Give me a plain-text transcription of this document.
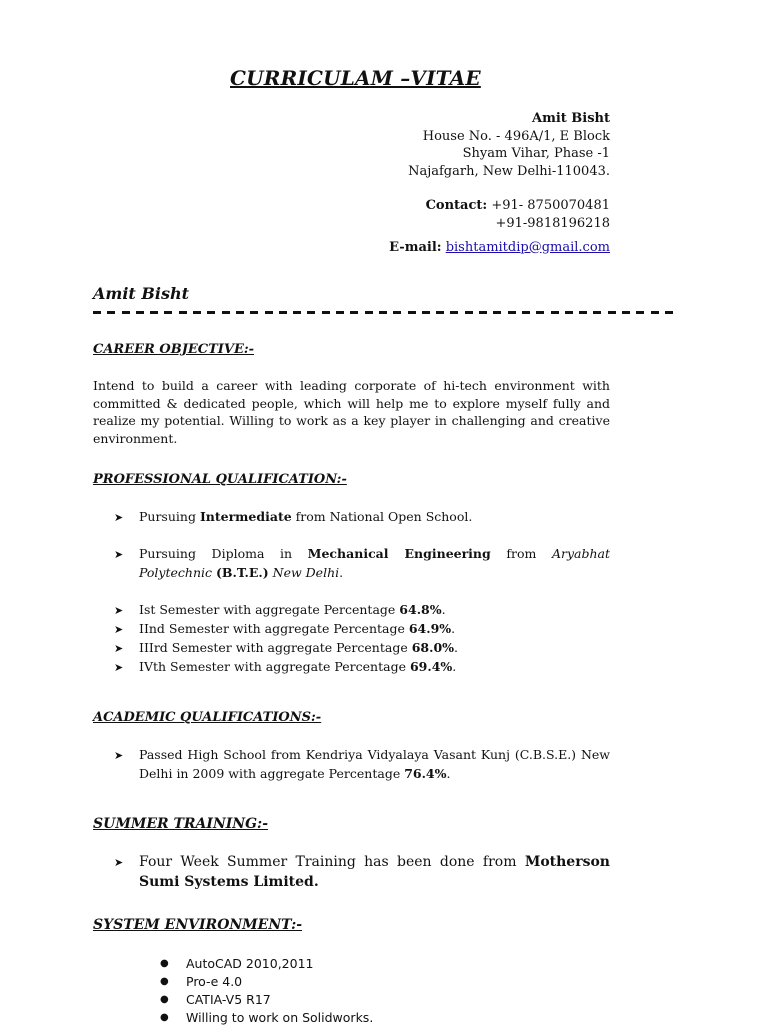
CURRICULAM –VITAE
Amit Bisht
House No. - 496A/1, E Block
Shyam Vihar, Phase -1
Najafgarh, New Delhi-110043.
Contact: +91- 8750070481
+91-9818196218
E-mail: bishtamitdip@gmail.com
Amit Bisht
CAREER OBJECTIVE:-
Intend to build a career with leading corporate of hi-tech environment with committed & dedicated people, which will help me to explore myself fully and realize my potential. Willing to work as a key player in challenging and creative environment.
PROFESSIONAL QUALIFICATION:-
➤	Pursuing Intermediate from National Open School.
➤	Pursuing Diploma in Mechanical Engineering from Aryabhat Polytechnic (B.T.E.) New Delhi.
➤	Ist Semester with aggregate Percentage 64.8%.
➤	IInd Semester with aggregate Percentage 64.9%.
➤	IIIrd Semester with aggregate Percentage 68.0%.
➤	IVth Semester with aggregate Percentage 69.4%.
ACADEMIC QUALIFICATIONS:-
➤	Passed High School from Kendriya Vidyalaya Vasant Kunj (C.B.S.E.) New Delhi in 2009 with aggregate Percentage 76.4%.
SUMMER TRAINING:-
➤	Four Week Summer Training has been done from Motherson Sumi Systems Limited.
SYSTEM ENVIRONMENT:-
●	AutoCAD 2010,2011
●	Pro-e 4.0
●	CATIA-V5 R17
●	Willing to work on Solidworks.
